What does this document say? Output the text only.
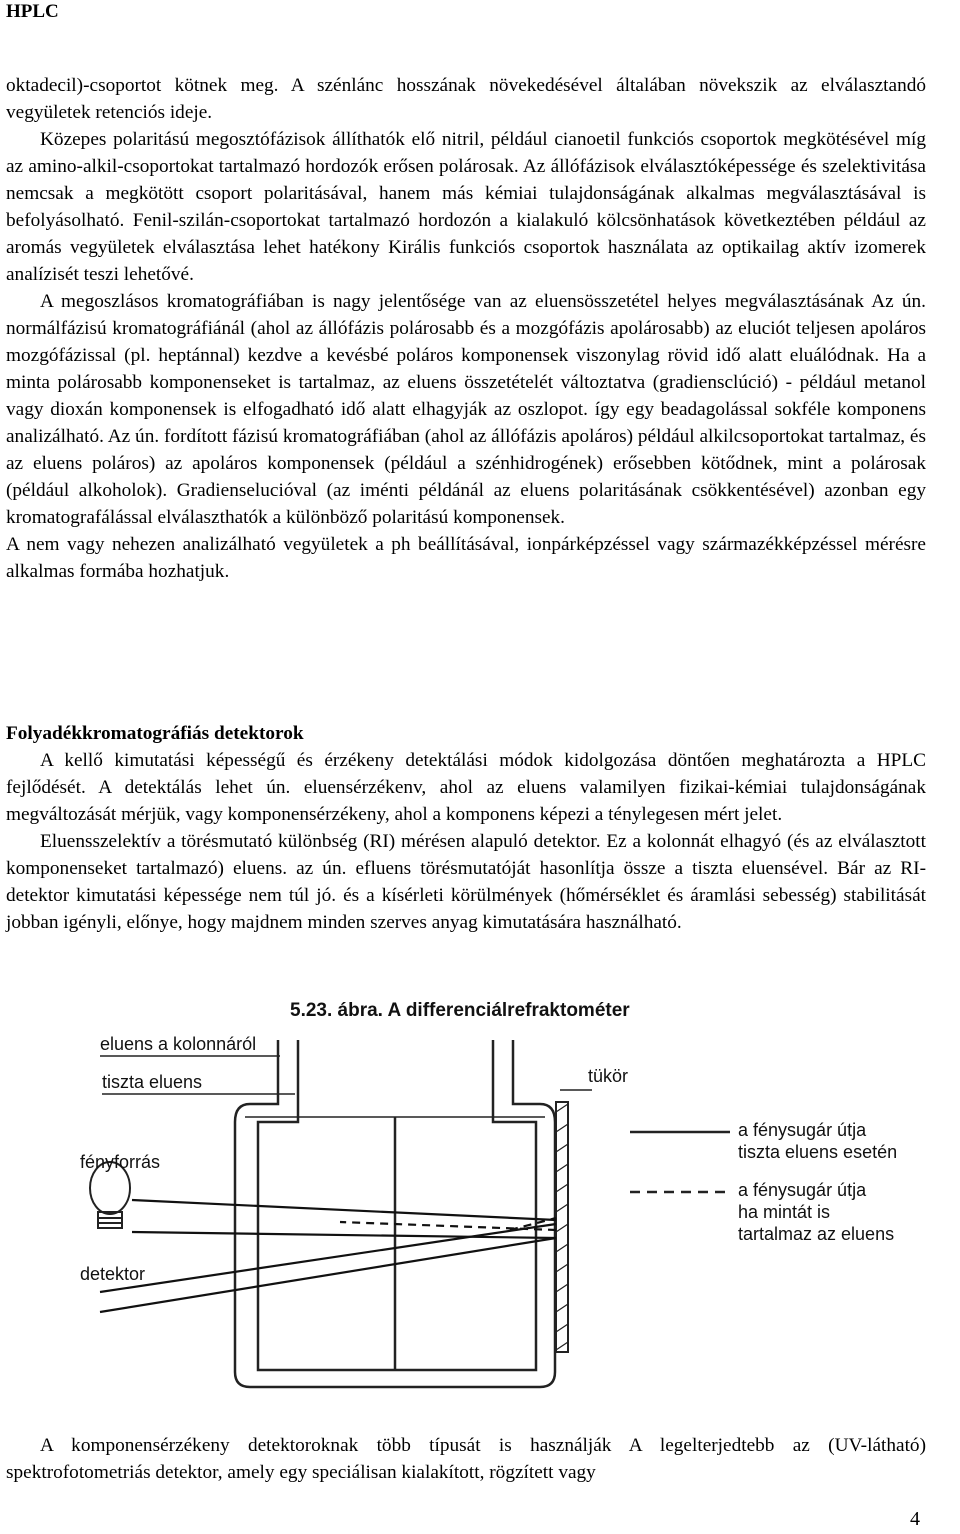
HPLC

oktadecil)-csoportot kötnek meg. A szénlánc hosszának növekedésével általában növekszik az elválasztandó vegyületek retenciós ideje.

Közepes polaritású megosztófázisok állíthatók elő nitril, például cianoetil funkciós csoportok megkötésével míg az amino-alkil-csoportokat tartalmazó hordozók erősen polárosak. Az állófázisok elválasztóképessége és szelektivitása nemcsak a megkötött csoport polaritásával, hanem más kémiai tulajdonságának alkalmas megválasztásával is befolyásolható. Fenil-szilán-csoportokat tartalmazó hordozón a kialakuló kölcsönhatások következtében például az aromás vegyületek elválasztása lehet hatékony Királis funkciós csoportok használata az optikailag aktív izomerek analízisét teszi lehetővé.

A megoszlásos kromatográfiában is nagy jelentősége van az eluensösszetétel helyes megválasztásának Az ún. normálfázisú kromatográfiánál (ahol az állófázis polárosabb és a mozgófázis apolárosabb) az eluciót teljesen apoláros mozgófázissal (pl. heptánnal) kezdve a kevésbé poláros komponensek viszonylag rövid idő alatt eluálódnak. Ha a minta polárosabb komponenseket is tartalmaz, az eluens összetételét változtatva (gradiensclúció) - például metanol vagy dioxán komponensek is elfogadható idő alatt elhagyják az oszlopot. így egy beadagolással sokféle komponens analizálható. Az ún. fordított fázisú kromatográfiában (ahol az állófázis apoláros) például alkilcsoportokat tartalmaz, és az eluens poláros) az apoláros komponensek (például a szénhidrogének) erősebben kötődnek, mint a polárosak (például alkoholok). Gradienselucióval (az iménti példánál az eluens polaritásának csökkentésével) azonban egy kromatografálással elválaszthatók a különböző polaritású komponensek.

A nem vagy nehezen analizálható vegyületek a ph beállításával, ionpárképzéssel vagy származékképzéssel mérésre alkalmas formába hozhatjuk.

Folyadékkromatográfiás detektorok

A kellő kimutatási képességű és érzékeny detektálási módok kidolgozása döntően meghatározta a HPLC fejlődését. A detektálás lehet ún. eluensérzékenv, ahol az eluens valamilyen fizikai-kémiai tulajdonságának megváltozását mérjük, vagy komponensérzékeny, ahol a komponens képezi a ténylegesen mért jelet.

Eluensszelektív a törésmutató különbség (RI) mérésen alapuló detektor. Ez a kolonnát elhagyó (és az elválasztott komponenseket tartalmazó) eluens. az ún. efluens törésmutatóját hasonlítja össze a tiszta eluensével. Bár az RI-detektor kimutatási képessége nem túl jó. és a kísérleti körülmények (hőmérséklet és áramlási sebesség) stabilitását jobban igényli, előnye, hogy majdnem minden szerves anyag kimutatására használható.

5.23. ábra. A differenciálrefraktométer
eluens a kolonnáról
tiszta eluens
fényforrás
tükör
detektor
a fénysugár útja
tiszta eluens esetén
a fénysugár útja
ha mintát is
tartalmaz az eluens

A komponensérzékeny detektoroknak több típusát is használják A legelterjedtebb az (UV-látható) spektrofotometriás detektor, amely egy speciálisan kialakított, rögzített vagy

4
